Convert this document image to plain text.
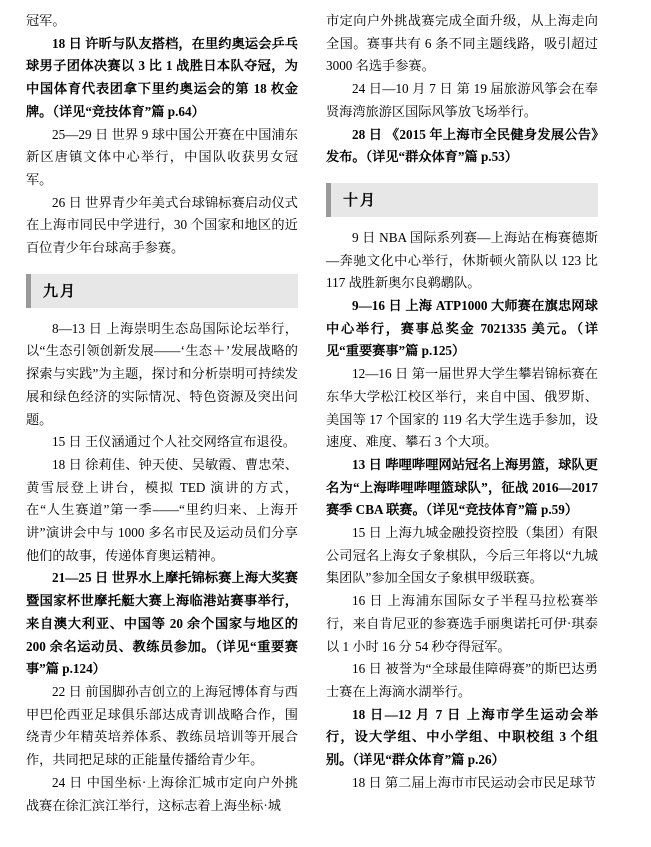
冠军。

18 日 许昕与队友搭档，在里约奥运会乒乓球男子团体决赛以 3 比 1 战胜日本队夺冠，为中国体育代表团拿下里约奥运会的第 18 枚金牌。（详见“竞技体育”篇 p.64）

25—29 日 世界 9 球中国公开赛在中国浦东新区唐镇文体中心举行，中国队收获男女冠军。

26 日 世界青少年美式台球锦标赛启动仪式在上海市同民中学进行，30 个国家和地区的近百位青少年台球高手参赛。

九月

8—13 日 上海崇明生态岛国际论坛举行，以“生态引领创新发展——‘生态＋’发展战略的探索与实践”为主题，探讨和分析崇明可持续发展和绿色经济的实际情况、特色资源及突出问题。

15 日 王仪涵通过个人社交网络宣布退役。

18 日 徐莉佳、钟天使、吴敏霞、曹忠荣、黄雪辰登上讲台，模拟 TED 演讲的方式，在“人生赛道”第一季——“里约归来、上海开讲”演讲会中与 1000 多名市民及运动员们分享他们的故事，传递体育奥运精神。

21—25 日 世界水上摩托锦标赛上海大奖赛暨国家杯世摩托艇大赛上海临港站赛事举行，来自澳大利亚、中国等 20 余个国家与地区的 200 余名运动员、教练员参加。（详见“重要赛事”篇 p.124）

22 日 前国脚孙吉创立的上海冠博体育与西甲巴伦西亚足球俱乐部达成青训战略合作，围绕青少年精英培养体系、教练员培训等开展合作，共同把足球的正能量传播给青少年。

24 日 中国坐标·上海徐汇城市定向户外挑战赛在徐汇滨江举行，这标志着上海坐标·城

市定向户外挑战赛完成全面升级，从上海走向全国。赛事共有 6 条不同主题线路，吸引超过 3000 名选手参赛。

24 日—10 月 7 日 第 19 届旅游风筝会在奉贤海湾旅游区国际风筝放飞场举行。

28 日 《2015 年上海市全民健身发展公告》发布。（详见“群众体育”篇 p.53）

十月

9 日 NBA 国际系列赛—上海站在梅赛德斯—奔驰文化中心举行，休斯顿火箭队以 123 比 117 战胜新奥尔良鹈鹕队。

9—16 日 上海 ATP1000 大师赛在旗忠网球中心举行，赛事总奖金 7021335 美元。（详见“重要赛事”篇 p.125）

12—16 日 第一届世界大学生攀岩锦标赛在东华大学松江校区举行，来自中国、俄罗斯、美国等 17 个国家的 119 名大学生选手参加，设速度、难度、攀石 3 个大项。

13 日 哔哩哔哩网站冠名上海男篮，球队更名为“上海哔哩哔哩篮球队”，征战 2016—2017 赛季 CBA 联赛。（详见“竞技体育”篇 p.59）

15 日 上海九城金融投资控股（集团）有限公司冠名上海女子象棋队，今后三年将以“九城集团队”参加全国女子象棋甲级联赛。

16 日 上海浦东国际女子半程马拉松赛举行，来自肯尼亚的参赛选手丽奥诺托可伊·琪泰以 1 小时 16 分 54 秒夺得冠军。

16 日 被誉为“全球最佳障碍赛”的斯巴达勇士赛在上海滴水湖举行。

18 日—12 月 7 日 上海市学生运动会举行，设大学组、中小学组、中职校组 3 个组别。（详见“群众体育”篇 p.26）

18 日 第二届上海市市民运动会市民足球节
